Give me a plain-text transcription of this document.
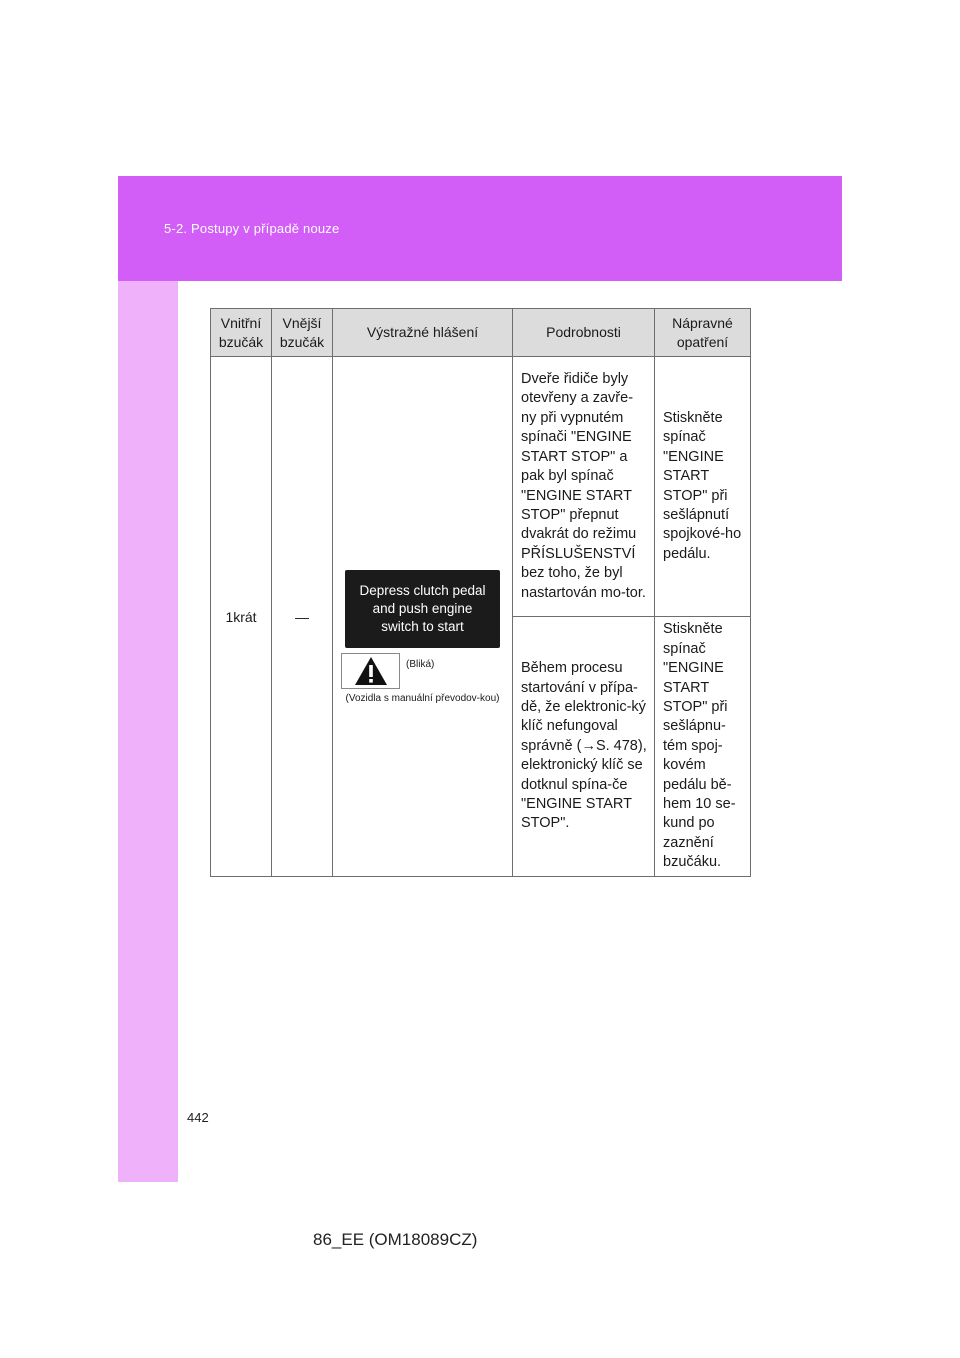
5-2. Postupy v případě nouze
Vnitřní bzučák	Vnější bzučák	Výstražné hlášení	Podrobnosti	Nápravné opatření
1krát	—	Depress clutch pedal
and push engine
switch to start
(Bliká)
(Vozidla s manuální převodov-kou)	Dveře řidiče byly otevřeny a zavře-ny při vypnutém spínači "ENGINE START STOP" a pak byl spínač "ENGINE START STOP" přepnut dvakrát do režimu PŘÍSLUŠENSTVÍ bez toho, že byl nastartován mo-tor.	Stiskněte spínač "ENGINE START STOP" při sešlápnutí spojkové-ho pedálu.
			Během procesu startování v přípa-dě, že elektronic-ký klíč nefungoval správně (→S. 478), elektronický klíč se dotknul spína-če "ENGINE START STOP".	Stiskněte spínač "ENGINE START STOP" při sešlápnu-tém spoj-kovém pedálu bě-hem 10 se-kund po zaznění bzučáku.
442
86_EE (OM18089CZ)
